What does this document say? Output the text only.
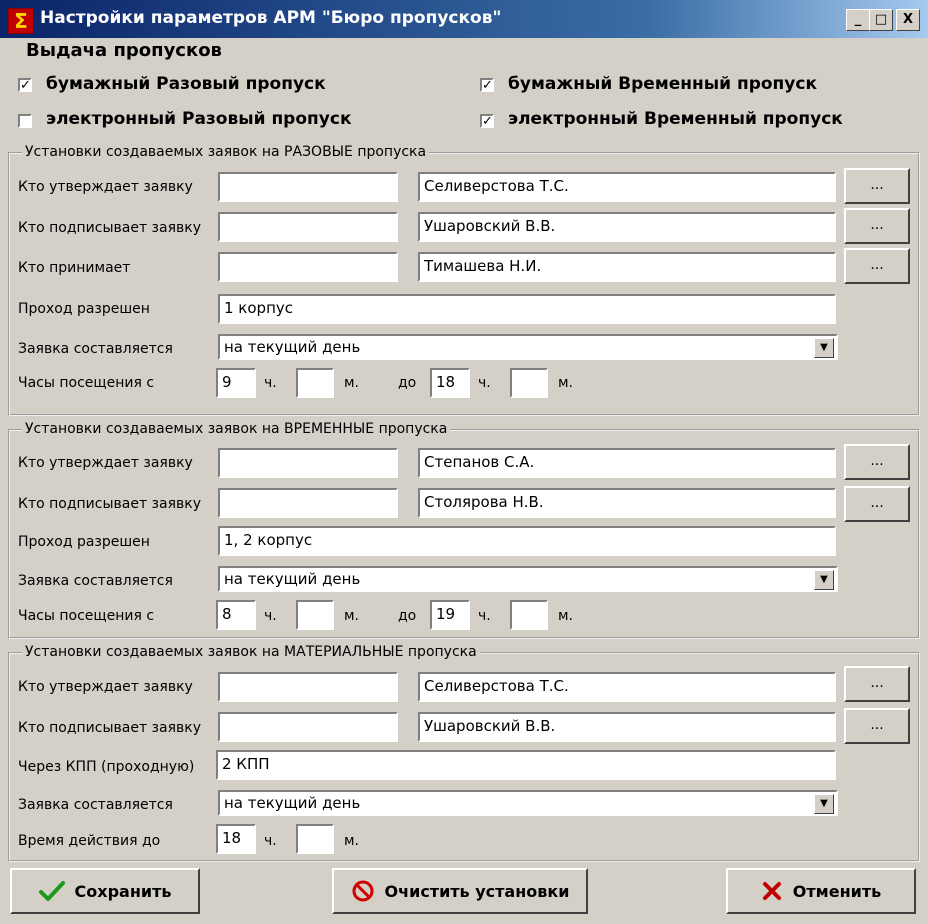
Σ Настройки параметров АРМ "Бюро пропусков"	_	□	X
Выдача пропусков
✓ бумажный Разовый пропуск	✓ бумажный Временный пропуск
электронный Разовый пропуск	✓ электронный Временный пропуск
Установки создаваемых заявок на РАЗОВЫЕ пропуска
Кто утверждает заявку	Селиверстова Т.С.	...
Кто подписывает заявку	Ушаровский В.В.	...
Кто принимает	Тимашева Н.И.	...
Проход разрешен	1 корпус
Заявка составляется	на текущий день	▼
Часы посещения с	9	ч.	м.	до	18	ч.	м.
Установки создаваемых заявок на ВРЕМЕННЫЕ пропуска
Кто утверждает заявку	Степанов С.А.	...
Кто подписывает заявку	Столярова Н.В.	...
Проход разрешен	1, 2 корпус
Заявка составляется	на текущий день	▼
Часы посещения с	8	ч.	м.	до	19	ч.	м.
Установки создаваемых заявок на МАТЕРИАЛЬНЫЕ пропуска
Кто утверждает заявку	Селиверстова Т.С.	...
Кто подписывает заявку	Ушаровский В.В.	...
Через КПП (проходную)	2 КПП
Заявка составляется	на текущий день	▼
Время действия до	18	ч.	м.
Сохранить	Очистить установки	Отменить
